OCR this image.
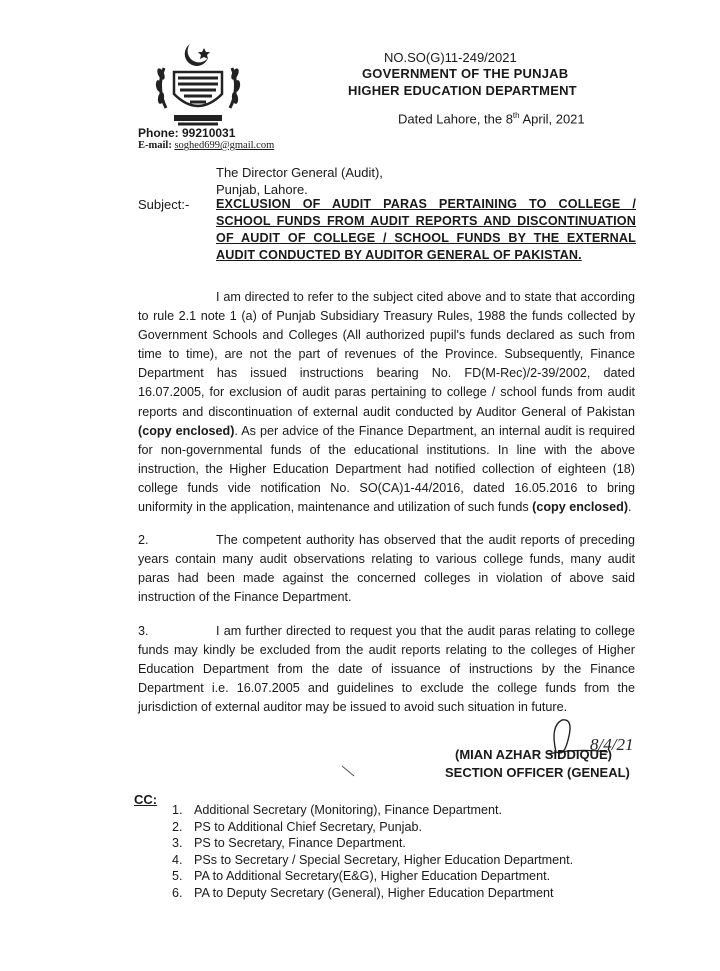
NO.SO(G)11-249/2021
GOVERNMENT OF THE PUNJAB
HIGHER EDUCATION DEPARTMENT
Dated Lahore, the 8th April, 2021
Phone: 99210031
E-mail: soghed699@gmail.com
The Director General (Audit),
Punjab, Lahore.
Subject:- EXCLUSION OF AUDIT PARAS PERTAINING TO COLLEGE / SCHOOL FUNDS FROM AUDIT REPORTS AND DISCONTINUATION OF AUDIT OF COLLEGE / SCHOOL FUNDS BY THE EXTERNAL AUDIT CONDUCTED BY AUDITOR GENERAL OF PAKISTAN.
I am directed to refer to the subject cited above and to state that according to rule 2.1 note 1 (a) of Punjab Subsidiary Treasury Rules, 1988 the funds collected by Government Schools and Colleges (All authorized pupil's funds declared as such from time to time), are not the part of revenues of the Province. Subsequently, Finance Department has issued instructions bearing No. FD(M-Rec)/2-39/2002, dated 16.07.2005, for exclusion of audit paras pertaining to college / school funds from audit reports and discontinuation of external audit conducted by Auditor General of Pakistan (copy enclosed). As per advice of the Finance Department, an internal audit is required for non-governmental funds of the educational institutions. In line with the above instruction, the Higher Education Department had notified collection of eighteen (18) college funds vide notification No. SO(CA)1-44/2016, dated 16.05.2016 to bring uniformity in the application, maintenance and utilization of such funds (copy enclosed).
2.	The competent authority has observed that the audit reports of preceding years contain many audit observations relating to various college funds, many audit paras had been made against the concerned colleges in violation of above said instruction of the Finance Department.
3.	I am further directed to request you that the audit paras relating to college funds may kindly be excluded from the audit reports relating to the colleges of Higher Education Department from the date of issuance of instructions by the Finance Department i.e. 16.07.2005 and guidelines to exclude the college funds from the jurisdiction of external auditor may be issued to avoid such situation in future.
8/4/21
(MIAN AZHAR SIDDIQUE)
SECTION OFFICER (GENEAL)
CC:
1. Additional Secretary (Monitoring), Finance Department.
2. PS to Additional Chief Secretary, Punjab.
3. PS to Secretary, Finance Department.
4. PSs to Secretary / Special Secretary, Higher Education Department.
5. PA to Additional Secretary(E&G), Higher Education Department.
6. PA to Deputy Secretary (General), Higher Education Department
